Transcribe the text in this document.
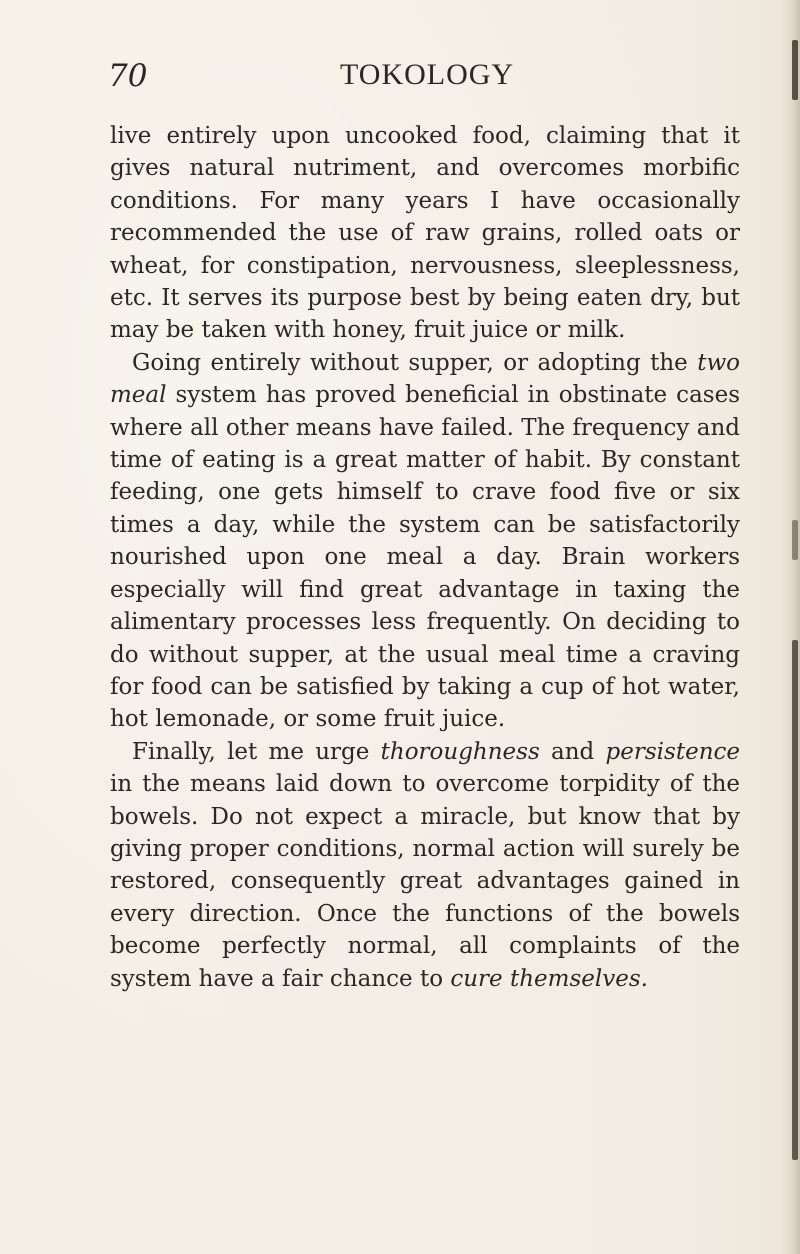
70	TOKOLOGY

live entirely upon uncooked food, claiming that it gives natural nutriment, and overcomes morbific conditions. For many years I have occasionally recommended the use of raw grains, rolled oats or wheat, for constipation, nervousness, sleeplessness, etc. It serves its purpose best by being eaten dry, but may be taken with honey, fruit juice or milk.

Going entirely without supper, or adopting the two meal system has proved beneficial in obstinate cases where all other means have failed. The frequency and time of eating is a great matter of habit. By constant feeding, one gets himself to crave food five or six times a day, while the system can be satisfactorily nourished upon one meal a day. Brain workers especially will find great advantage in taxing the alimentary processes less frequently. On deciding to do without supper, at the usual meal time a craving for food can be satisfied by taking a cup of hot water, hot lemonade, or some fruit juice.

Finally, let me urge thoroughness and persistence in the means laid down to overcome torpidity of the bowels. Do not expect a miracle, but know that by giving proper conditions, normal action will surely be restored, consequently great advantages gained in every direction. Once the functions of the bowels become perfectly normal, all complaints of the system have a fair chance to cure themselves.
